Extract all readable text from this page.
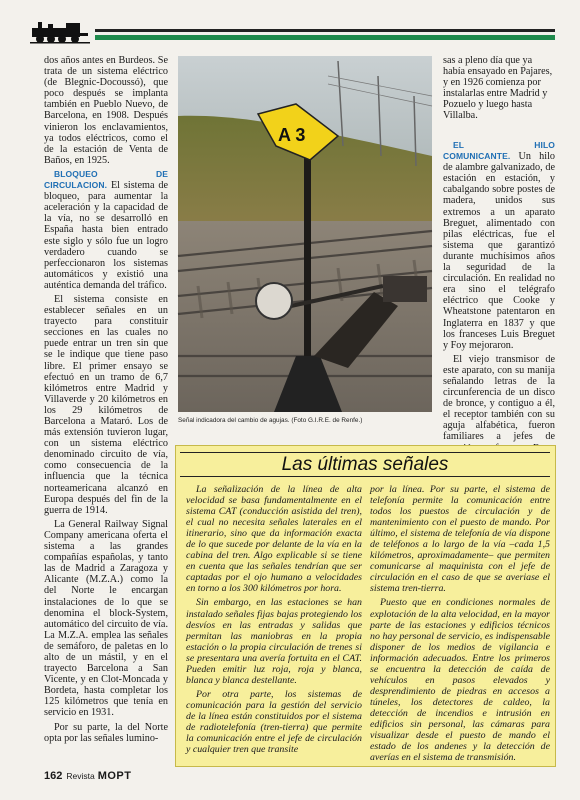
dos años antes en Burdeos. Se trata de un sistema eléctrico (de Blegnic-Docoussó), que poco después se implanta también en Pueblo Nuevo, de Barcelona, en 1908. Después vinieron los enclavamientos, ya todos eléctricos, como el de la estación de Venta de Baños, en 1925.

BLOQUEO DE CIRCULACION. El sistema de bloqueo, para aumentar la aceleración y la capacidad de la vía, no se desarrolló en España hasta bien entrado este siglo y sólo fue un logro verdadero cuando se perfeccionaron los sistemas automáticos y existió una auténtica demanda del tráfico.

El sistema consiste en establecer señales en un trayecto para constituir secciones en las cuales no puede entrar un tren sin que se le indique que tiene paso libre. El primer ensayo se efectuó en un tramo de 6,7 kilómetros entre Madrid y Villaverde y 20 kilómetros en los 29 kilómetros de Barcelona a Mataró. Los de más extensión tuvieron lugar, con un sistema eléctrico denominado circuito de vía, como consecuencia de la influencia que la técnica norteamericana alcanzó en Europa después del fin de la guerra de 1914.

La General Railway Signal Company americana oferta el sistema a las grandes compañías españolas, y tanto las de Madrid a Zaragoza y Alicante (M.Z.A.) como la del Norte le encargan instalaciones de lo que se denomina el block-System, automático del circuito de vía. La M.Z.A. emplea las señales de semáforo, de paletas en lo alto de un mástil, y en el trayecto Barcelona a San Vicente, y en Clot-Moncada y Bordeta, hasta completar los 125 kilómetros que tenía en servicio en 1931.

Por su parte, la del Norte opta por las señales lumino-

A 3
Señal indicadora del cambio de agujas. (Foto G.I.R.E. de Renfe.)

sas a pleno día que ya había ensayado en Pajares, y en 1926 comienza por instalarlas entre Madrid y Pozuelo y luego hasta Villalba.

EL HILO COMUNICANTE. Un hilo de alambre galvanizado, de estación en estación, y cabalgando sobre postes de madera, unidos sus extremos a un aparato Breguet, alimentado con pilas eléctricas, fue el sistema que garantizó durante muchísimos años la seguridad de la circulación. En realidad no era sino el telégrafo eléctrico que Cooke y Wheatstone patentaron en Inglaterra en 1837 y que los franceses Luis Breguet y Foy mejoraron.

El viejo transmisor de este aparato, con su manija señalando letras de la circunferencia de un disco de bronce, y contiguo a él, el receptor también con su aguja alfabética, fueron familiares a jefes de

Las últimas señales

La señalización de la línea de alta velocidad se basa fundamentalmente en el sistema CAT (conducción asistida del tren), el cual no necesita señales laterales en el itinerario, sino que da información exacta de lo que sucede por delante de la vía en la cabina del tren. Algo explicable si se tiene en cuenta que las señales tendrían que ser captadas por el ojo humano a velocidades en torno a los 300 kilómetros por hora.

Sin embargo, en las estaciones se han instalado señales fijas bajas protegiendo los desvíos en las entradas y salidas que permitan las maniobras en la propia estación o la propia circulación de trenes si se presentara una avería fortuita en el CAT. Pueden emitir luz roja, roja y blanca, blanca y blanca destellante.

Por otra parte, los sistemas de comunicación para la gestión del servicio de la línea están constituidos por el sistema de radiotelefonía (tren-tierra) que permite la comunicación entre el jefe de circulación y cualquier tren que transite

por la línea. Por su parte, el sistema de telefonía permite la comunicación entre todos los puestos de circulación y de mantenimiento con el puesto de mando. Por último, el sistema de telefonía de vía dispone de teléfonos a lo largo de la vía –cada 1,5 kilómetros, aproximadamente– que permiten comunicarse al maquinista con el jefe de circulación en el caso de que se averiase el sistema tren-tierra.

Puesto que en condiciones normales de explotación de la alta velocidad, en la mayor parte de las estaciones y edificios técnicos no hay personal de servicio, es indispensable disponer de los medios de vigilancia e información adecuados. Entre los primeros se encuentra la detección de caída de vehículos en pasos elevados y desprendimiento de piedras en accesos a túneles, los detectores de caldeo, la detección de incendios e intrusión en edificios sin personal, las cámaras para visualizar desde el puesto de mando el estado de los andenes y la detección de averías en el sistema de transmisión.

162 Revista MOPT
